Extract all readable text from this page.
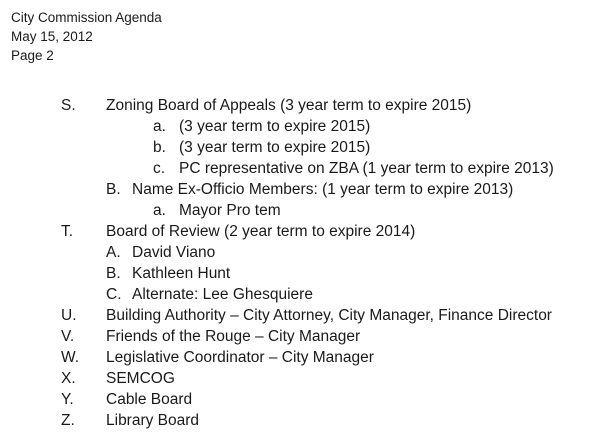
City Commission Agenda
May 15, 2012
Page 2
S. Zoning Board of Appeals (3 year term to expire 2015)
a. (3 year term to expire 2015)
b. (3 year term to expire 2015)
c. PC representative on ZBA (1 year term to expire 2013)
B. Name Ex-Officio Members: (1 year term to expire 2013)
a. Mayor Pro tem
T. Board of Review (2 year term to expire 2014)
A. David Viano
B. Kathleen Hunt
C. Alternate: Lee Ghesquiere
U. Building Authority – City Attorney, City Manager, Finance Director
V. Friends of the Rouge – City Manager
W. Legislative Coordinator – City Manager
X. SEMCOG
Y. Cable Board
Z. Library Board
